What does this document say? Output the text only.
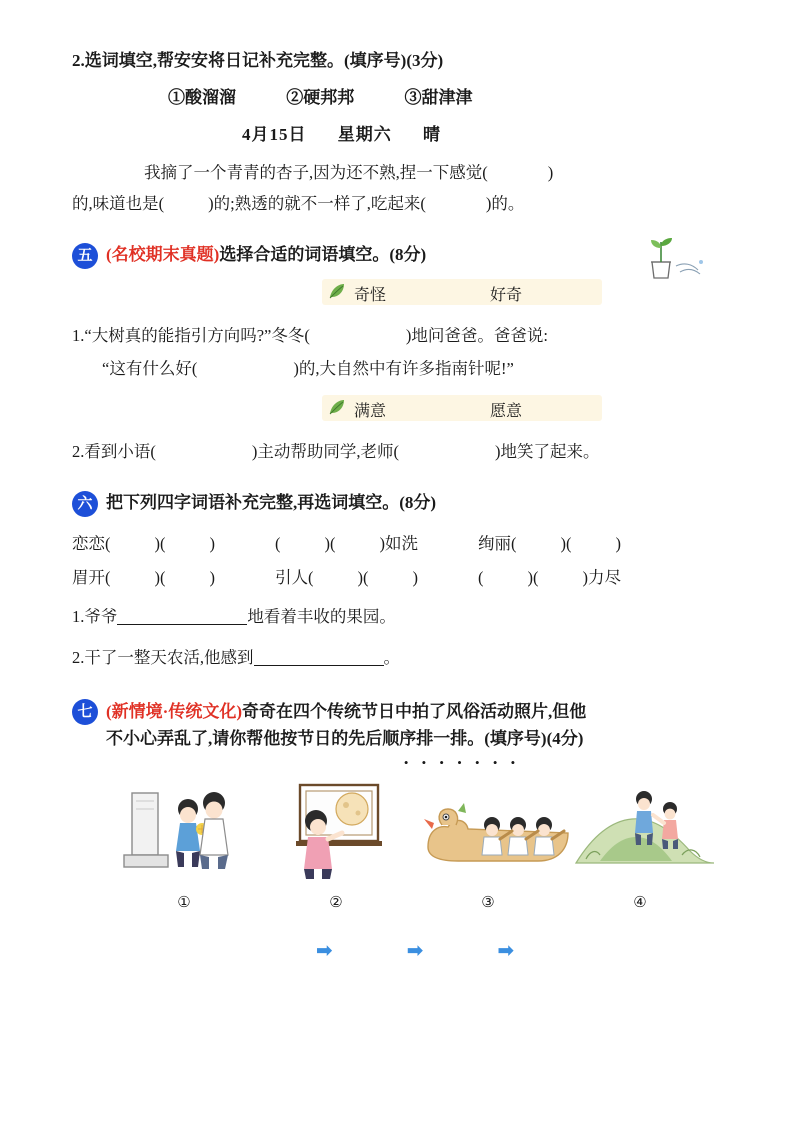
2.选词填空,帮安安将日记补充完整。(填序号)(3分)
①酸溜溜	②硬邦邦	③甜津津
4月15日 星期六 晴
我摘了一个青青的杏子,因为还不熟,捏一下感觉(	)
的,味道也是(	)的;熟透的就不一样了,吃起来(	)的。
五 (名校期末真题)选择合适的词语填空。(8分)
奇怪	好奇
1.“大树真的能指引方向吗?”冬冬(	)地问爸爸。爸爸说:
“这有什么好(	)的,大自然中有许多指南针呢!”
满意	愿意
2.看到小语(	)主动帮助同学,老师(	)地笑了起来。
六 把下列四字词语补充完整,再选词填空。(8分)
恋恋(	)(	)	(	)(	)如洗	绚丽(	)(	)
眉开(	)(	)	引人(	)(	)	(	)(	)力尽
1.爷爷	地看着丰收的果园。
2.干了一整天农活,他感到	。
七 (新情境·传统文化)奇奇在四个传统节日中拍了风俗活动照片,但他
不小心弄乱了,请你帮他按节日的先后顺序排一排。(填序号)(4分)
• • • • • • •
①	②	③	④
➡	➡	➡
